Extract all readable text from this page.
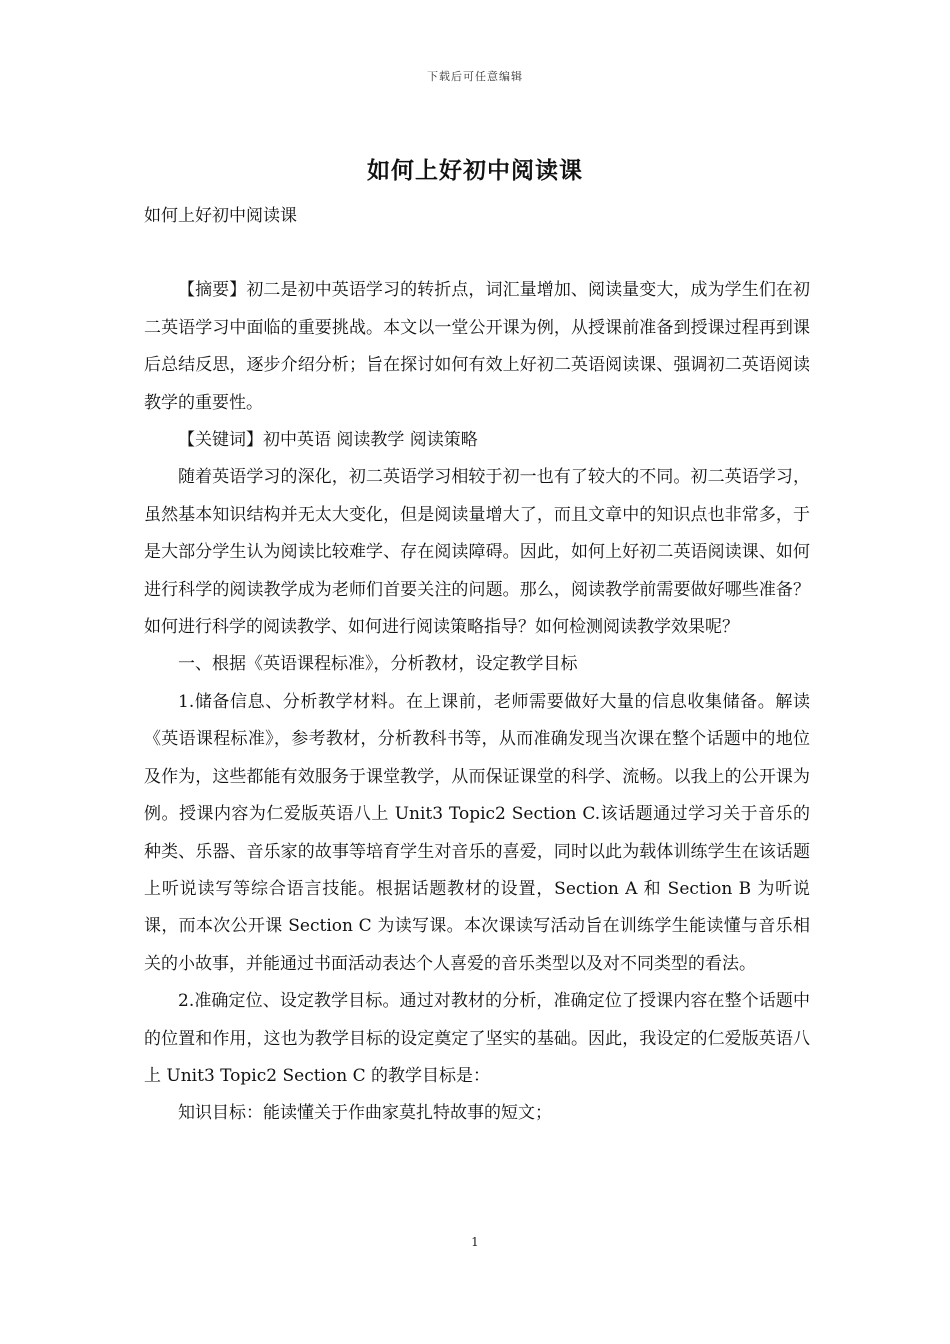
下载后可任意编辑
如何上好初中阅读课

如何上好初中阅读课

【摘要】初二是初中英语学习的转折点，词汇量增加、阅读量变大，成为学生们在初二英语学习中面临的重要挑战。本文以一堂公开课为例，从授课前准备到授课过程再到课后总结反思，逐步介绍分析；旨在探讨如何有效上好初二英语阅读课、强调初二英语阅读教学的重要性。

【关键词】初中英语 阅读教学 阅读策略

随着英语学习的深化，初二英语学习相较于初一也有了较大的不同。初二英语学习，虽然基本知识结构并无太大变化，但是阅读量增大了，而且文章中的知识点也非常多，于是大部分学生认为阅读比较难学、存在阅读障碍。因此，如何上好初二英语阅读课、如何进行科学的阅读教学成为老师们首要关注的问题。那么，阅读教学前需要做好哪些准备？如何进行科学的阅读教学、如何进行阅读策略指导？如何检测阅读教学效果呢？

一、根据《英语课程标准》，分析教材，设定教学目标

1.储备信息、分析教学材料。在上课前，老师需要做好大量的信息收集储备。解读《英语课程标准》，参考教材，分析教科书等，从而准确发现当次课在整个话题中的地位及作为，这些都能有效服务于课堂教学，从而保证课堂的科学、流畅。以我上的公开课为例。授课内容为仁爱版英语八上 Unit3 Topic2 Section C.该话题通过学习关于音乐的种类、乐器、音乐家的故事等培育学生对音乐的喜爱，同时以此为载体训练学生在该话题上听说读写等综合语言技能。根据话题教材的设置，Section A 和 Section B 为听说课，而本次公开课 Section C 为读写课。本次课读写活动旨在训练学生能读懂与音乐相关的小故事，并能通过书面活动表达个人喜爱的音乐类型以及对不同类型的看法。

2.准确定位、设定教学目标。通过对教材的分析，准确定位了授课内容在整个话题中的位置和作用，这也为教学目标的设定奠定了坚实的基础。因此，我设定的仁爱版英语八上 Unit3 Topic2 Section C 的教学目标是：

知识目标：能读懂关于作曲家莫扎特故事的短文；

1
